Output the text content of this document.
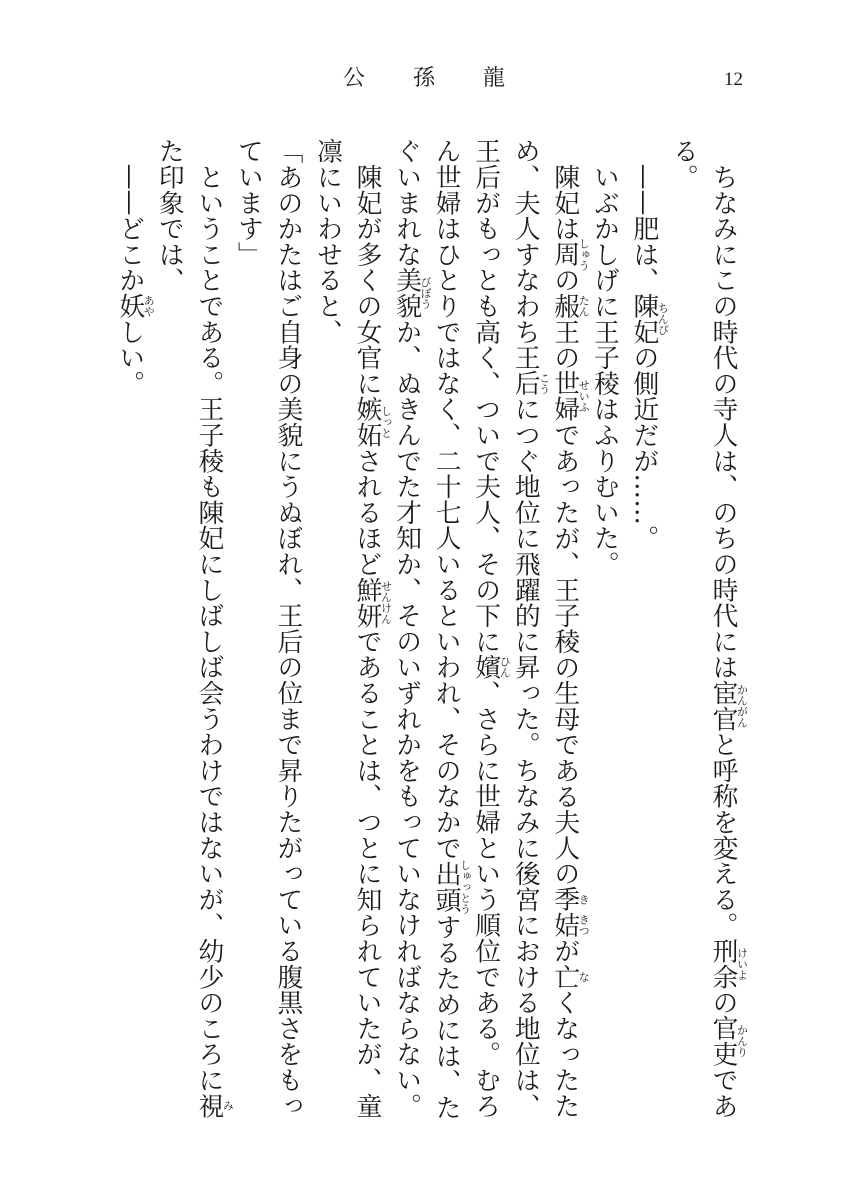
公孫龍	12
　ちなみにこの時代の寺人は、のちの時代には宦官かんがんと呼称を変える。刑余けいよの官吏かんりであ
る。
　——肥は、陳妃ちんぴの側近だが……。
　いぶかしげに王子稜はふりむいた。
　陳妃は周しゅうの赧たん王の世婦せいふであったが、王子稜の生母である夫人の季き姞きつが亡なくなったた
め、夫人すなわち王后こうにつぐ地位に飛躍的に昇った。ちなみに後宮における地位は、
王后がもっとも高く、ついで夫人、その下に嬪ひん、さらに世婦という順位である。むろ
ん世婦はひとりではなく、二十七人いるといわれ、そのなかで出頭しゅっとうするためには、た
ぐいまれな美貌びぼうか、ぬきんでた才知か、そのいずれかをもっていなければならない。
　陳妃が多くの女官に嫉妬しっとされるほど鮮妍せんけんであることは、つとに知られていたが、童
凛にいわせると、
「あのかたはご自身の美貌にうぬぼれ、王后の位まで昇りたがっている腹黒さをもっ
ています」
　ということである。王子稜も陳妃にしばしば会うわけではないが、幼少のころに視み
た印象では、
　——どこか妖あやしい。
